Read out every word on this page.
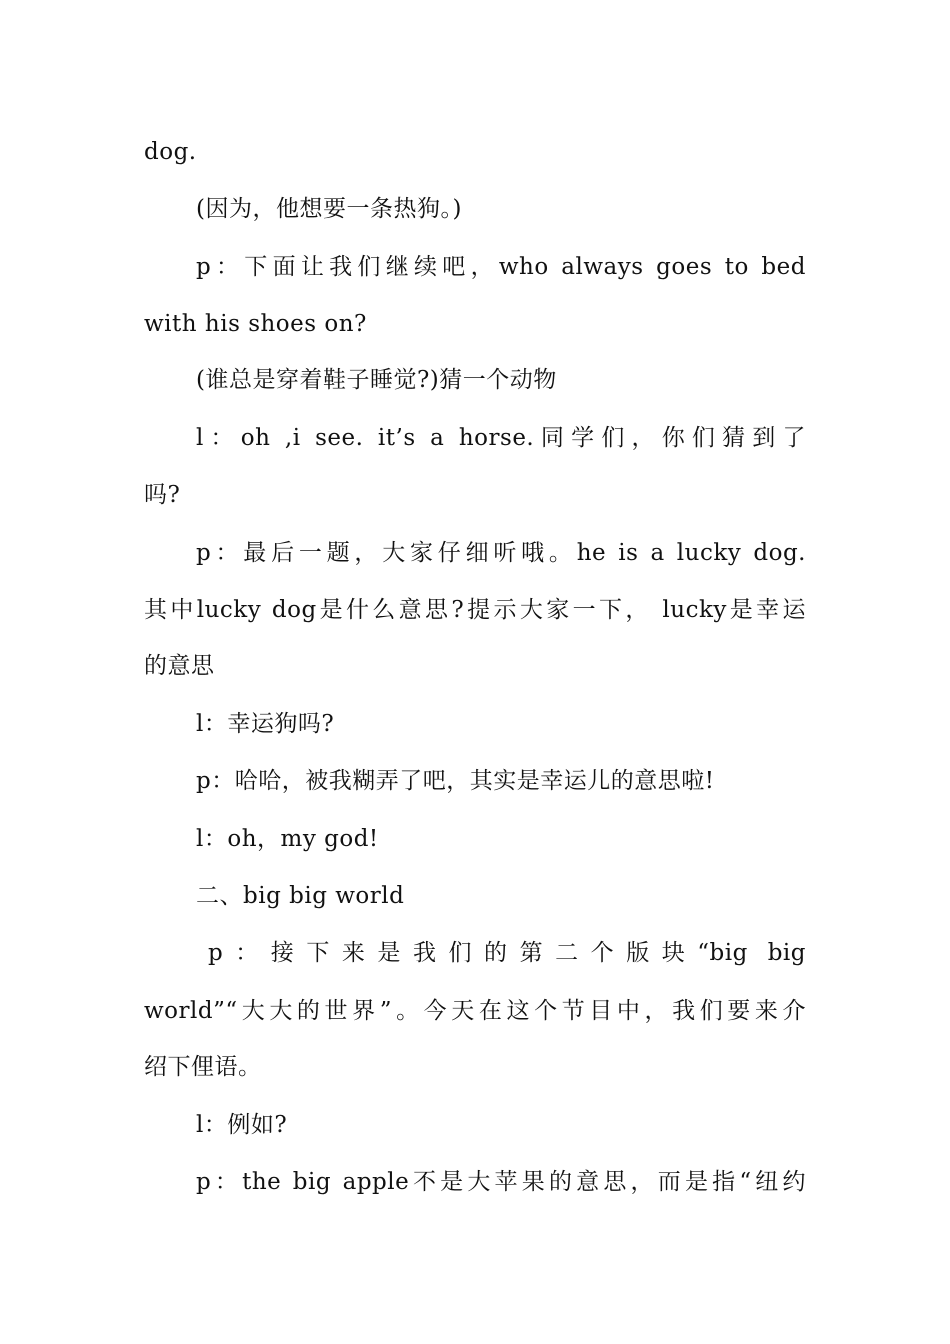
dog.
(因为，他想要一条热狗。)
p：下面让我们继续吧，who always goes to bed
with his shoes on?
(谁总是穿着鞋子睡觉?)猜一个动物
l：oh ,i see. it’s a horse.同学们，你们猜到了
吗?
p：最后一题，大家仔细听哦。he is a lucky dog.
其中lucky dog是什么意思?提示大家一下， lucky是幸运
的意思
l：幸运狗吗?
p：哈哈，被我糊弄了吧，其实是幸运儿的意思啦!
l：oh，my god!
二、big big world
p：接下来是我们的第二个版块“big big
world”“大大的世界”。今天在这个节目中，我们要来介
绍下俚语。
l：例如?
p：the big apple不是大苹果的意思，而是指“纽约
